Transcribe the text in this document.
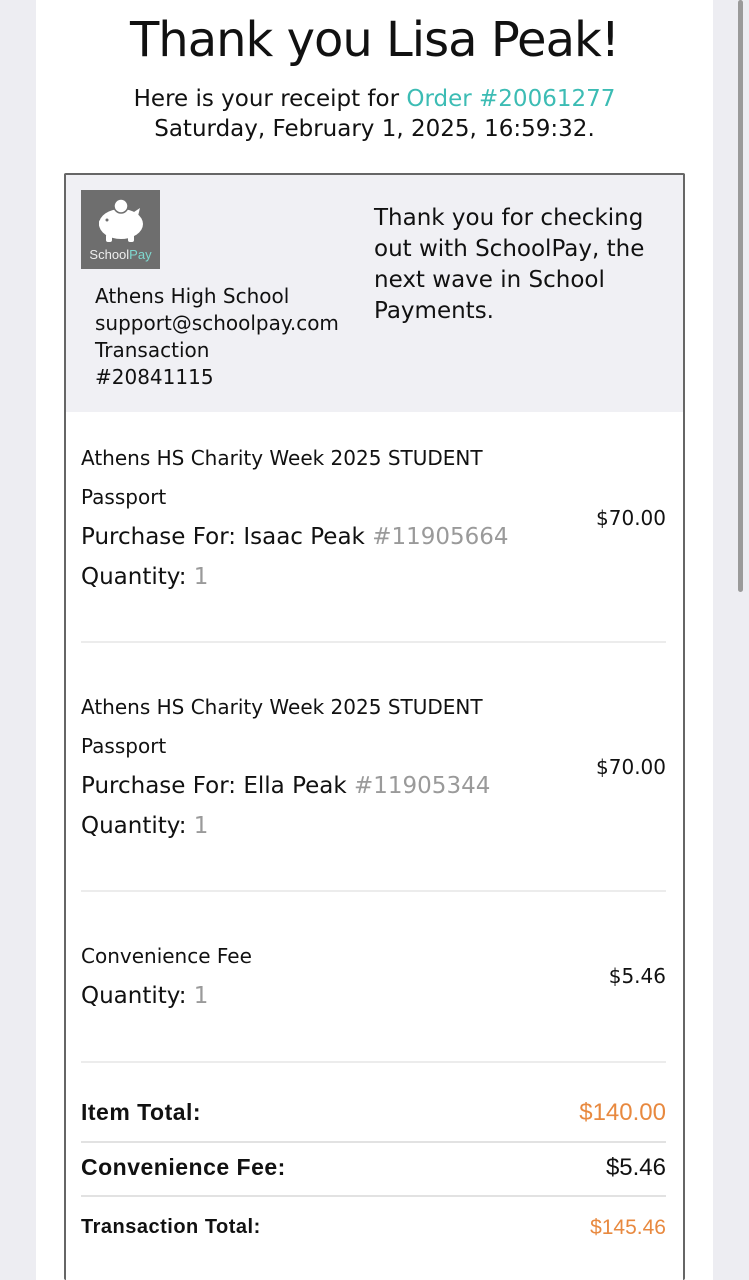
Thank you Lisa Peak!
Here is your receipt for Order #20061277
Saturday, February 1, 2025, 16:59:32.
SchoolPay
Athens High School
support@schoolpay.com
Transaction
#20841115
Thank you for checking out with SchoolPay, the next wave in School Payments.
Athens HS Charity Week 2025 STUDENT Passport
Purchase For: Isaac Peak #11905664
Quantity: 1
$70.00
Athens HS Charity Week 2025 STUDENT Passport
Purchase For: Ella Peak #11905344
Quantity: 1
$70.00
Convenience Fee
Quantity: 1
$5.46
Item Total:	$140.00
Convenience Fee:	$5.46
Transaction Total:	$145.46
